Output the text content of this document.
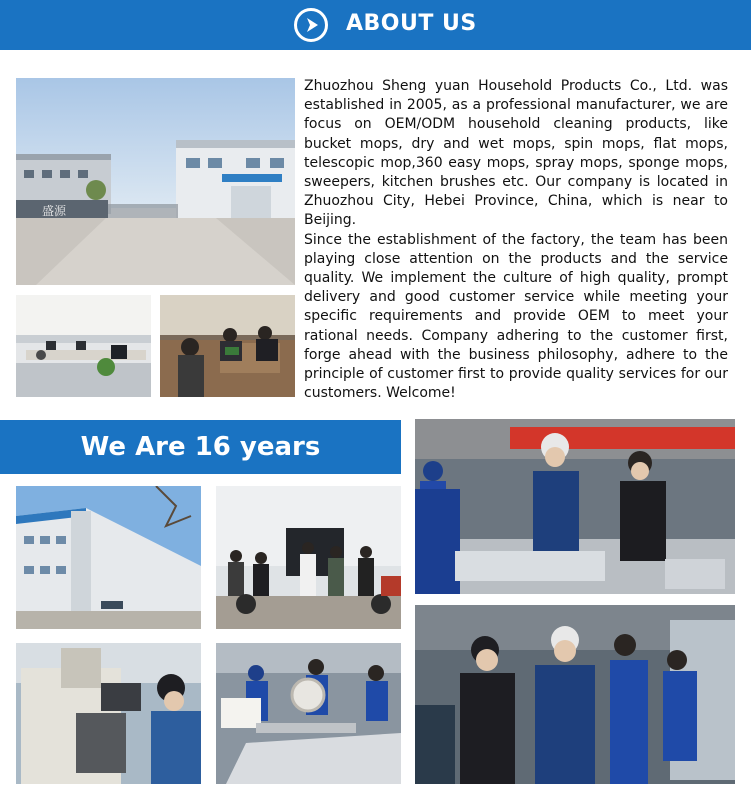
ABOUT US
盛源

Zhuozhou Sheng yuan Household Products Co., Ltd. was established in 2005, as a professional manufacturer, we are focus on OEM/ODM household cleaning products, like bucket mops, dry and wet mops, spin mops, flat mops, telescopic mop,360 easy mops, spray mops, sponge mops, sweepers, kitchen brushes etc. Our company is located in Zhuozhou City, Hebei Province, China, which is near to Beijing.

Since the establishment of the factory, the team has been playing close attention on the products and the service quality. We implement the culture of high quality, prompt delivery and good customer service while meeting your specific requirements and provide OEM to meet your rational needs. Company adhering to the customer first, forge ahead with the business philosophy, adhere to the principle of customer first to provide quality services for our customers. Welcome!

We Are 16 years
